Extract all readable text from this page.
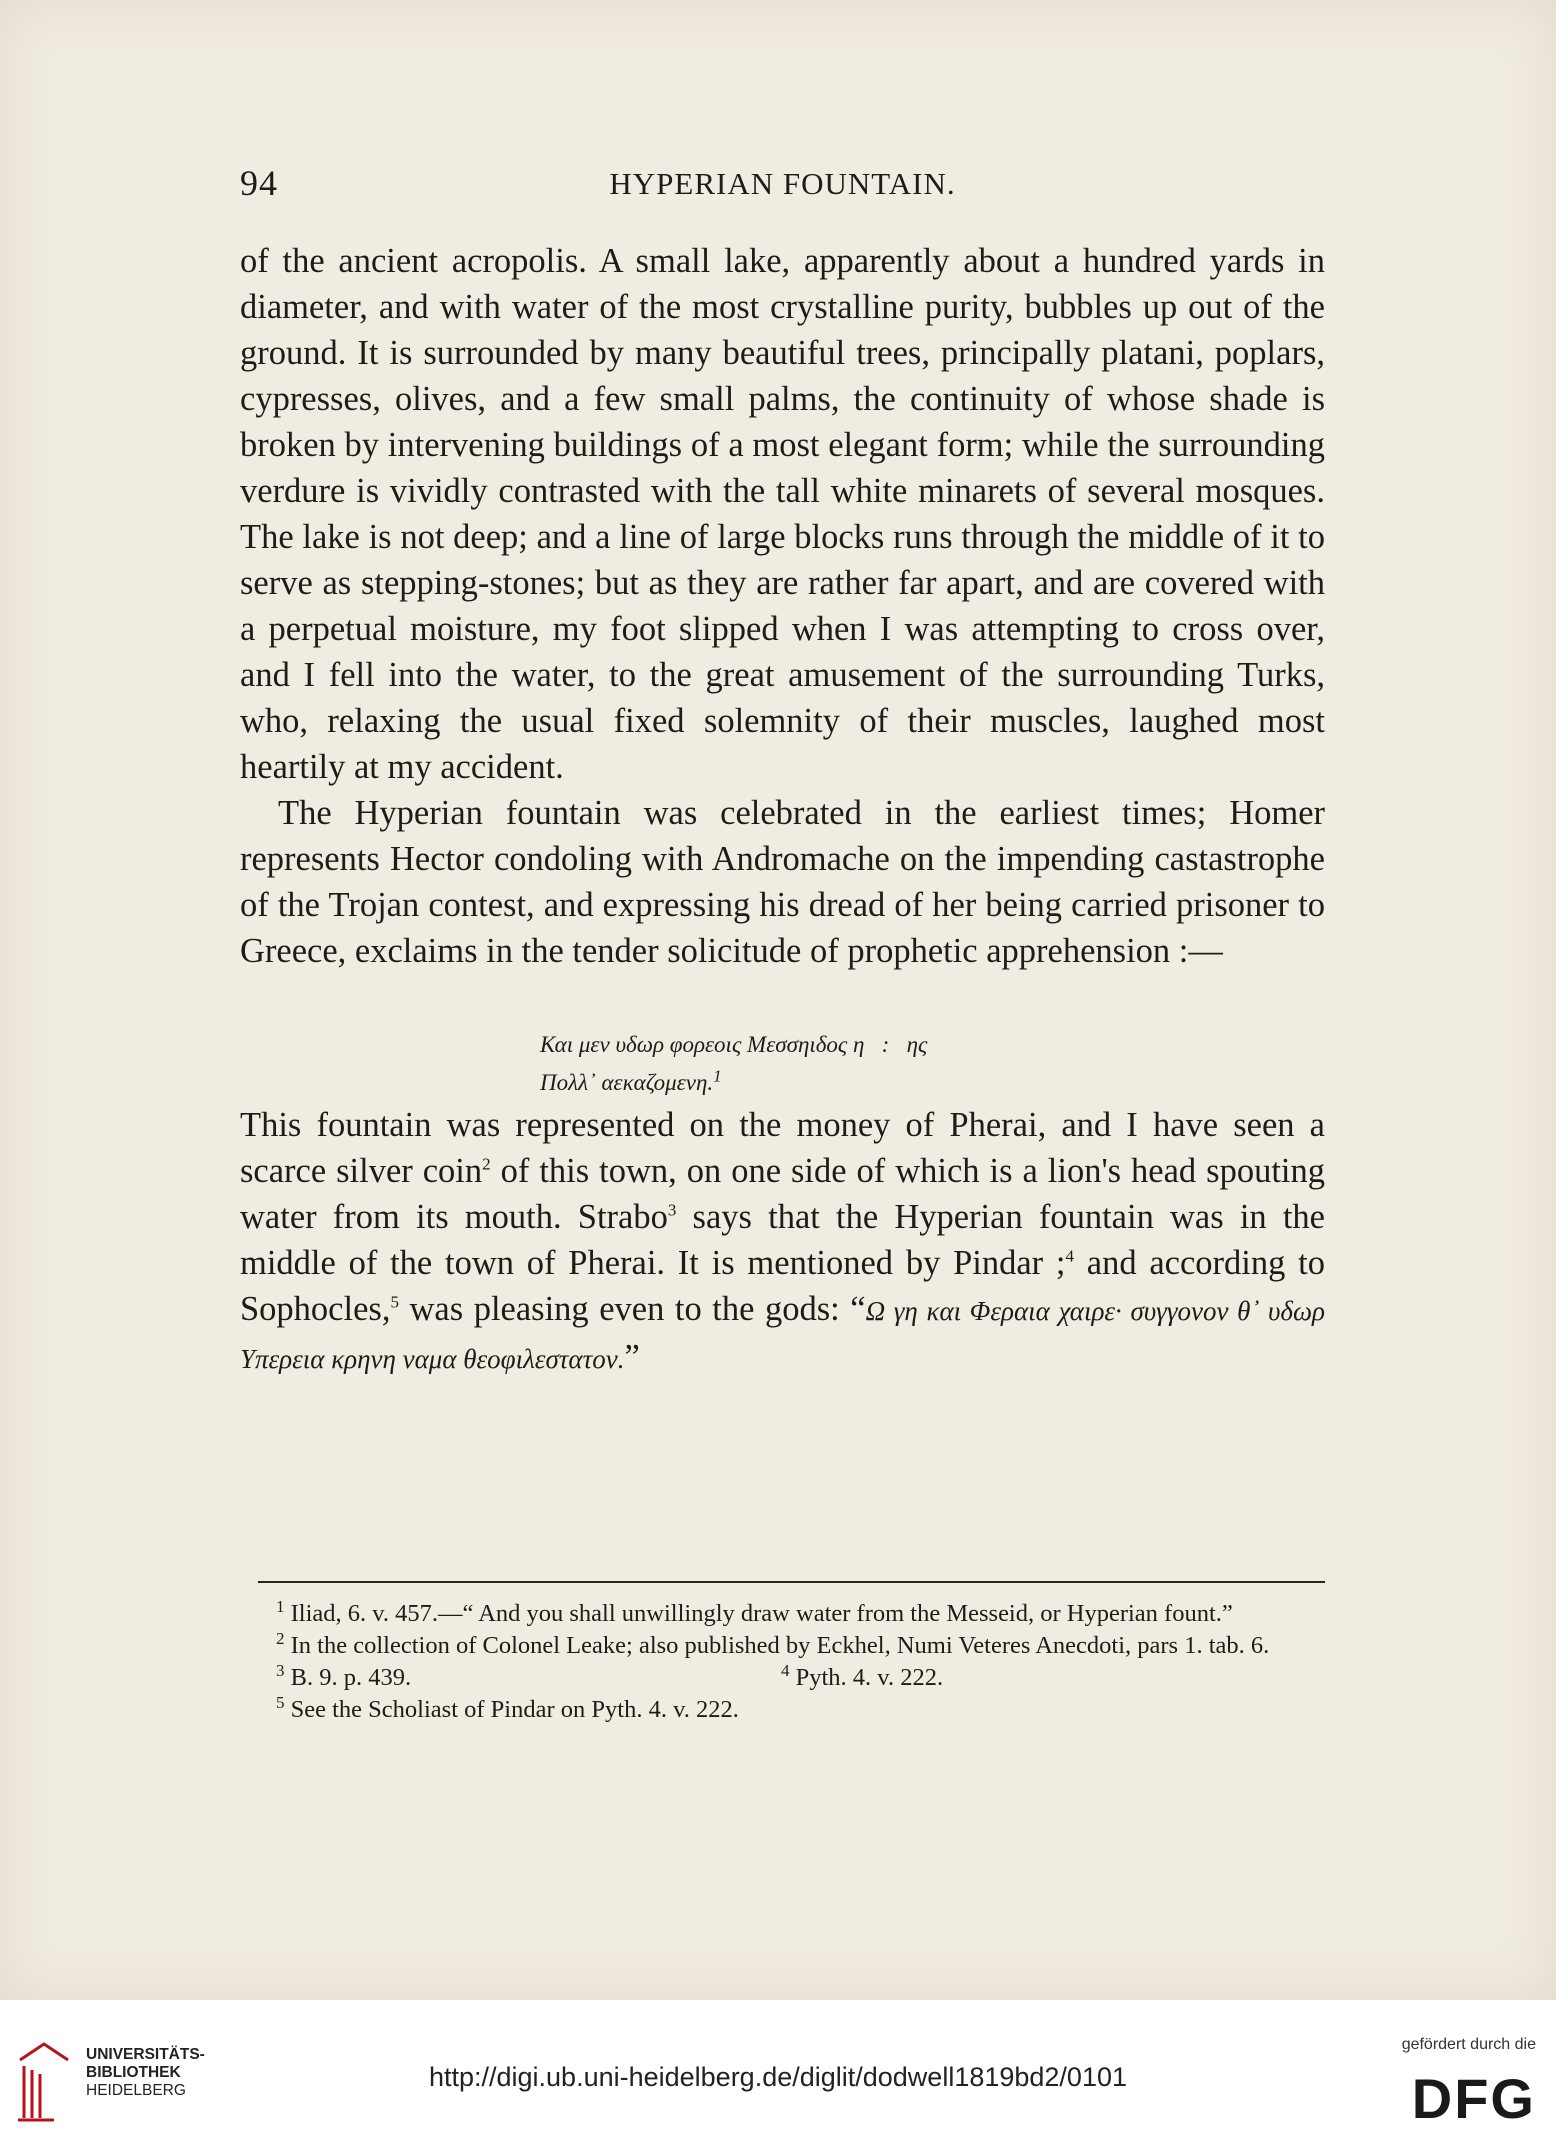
94	HYPERIAN FOUNTAIN.

of the ancient acropolis. A small lake, apparently about a hundred yards in diameter, and with water of the most crystalline purity, bubbles up out of the ground. It is surrounded by many beautiful trees, principally platani, poplars, cypresses, olives, and a few small palms, the continuity of whose shade is broken by intervening buildings of a most elegant form; while the surrounding verdure is vividly contrasted with the tall white minarets of several mosques. The lake is not deep; and a line of large blocks runs through the middle of it to serve as stepping-stones; but as they are rather far apart, and are covered with a perpetual moisture, my foot slipped when I was attempting to cross over, and I fell into the water, to the great amusement of the surrounding Turks, who, relaxing the usual fixed solemnity of their muscles, laughed most heartily at my accident.

The Hyperian fountain was celebrated in the earliest times; Homer represents Hector condoling with Andromache on the impending castastrophe of the Trojan contest, and expressing his dread of her being carried prisoner to Greece, exclaims in the tender solicitude of prophetic apprehension :—

Και μεν υδωρ φορεοις Μεσσηιδος η   :   ης
Πολλ᾽ αεκαζομενη.$^1$

This fountain was represented on the money of Pherai, and I have seen a scarce silver coin$^2$ of this town, on one side of which is a lion's head spouting water from its mouth. Strabo$^3$ says that the Hyperian fountain was in the middle of the town of Pherai. It is mentioned by Pindar ;$^4$ and according to Sophocles,$^5$ was pleasing even to the gods: “Ω γη και Φεραια χαιρε· συγγονον θ᾽ υδωρ Υπερεια κρηνη ναμα θεοφιλεστατον.”

$^1$ Iliad, 6. v. 457.—“ And you shall unwillingly draw water from the Messeid, or Hyperian fount.”

$^2$ In the collection of Colonel Leake; also published by Eckhel, Numi Veteres Anecdoti, pars 1. tab. 6.

$^3$ B. 9. p. 439.	$^4$ Pyth. 4. v. 222.

$^5$ See the Scholiast of Pindar on Pyth. 4. v. 222.

UNIVERSITÄTS-
BIBLIOTHEK
HEIDELBERG	http://digi.ub.uni-heidelberg.de/diglit/dodwell1819bd2/0101
gefördert durch die
DFG
